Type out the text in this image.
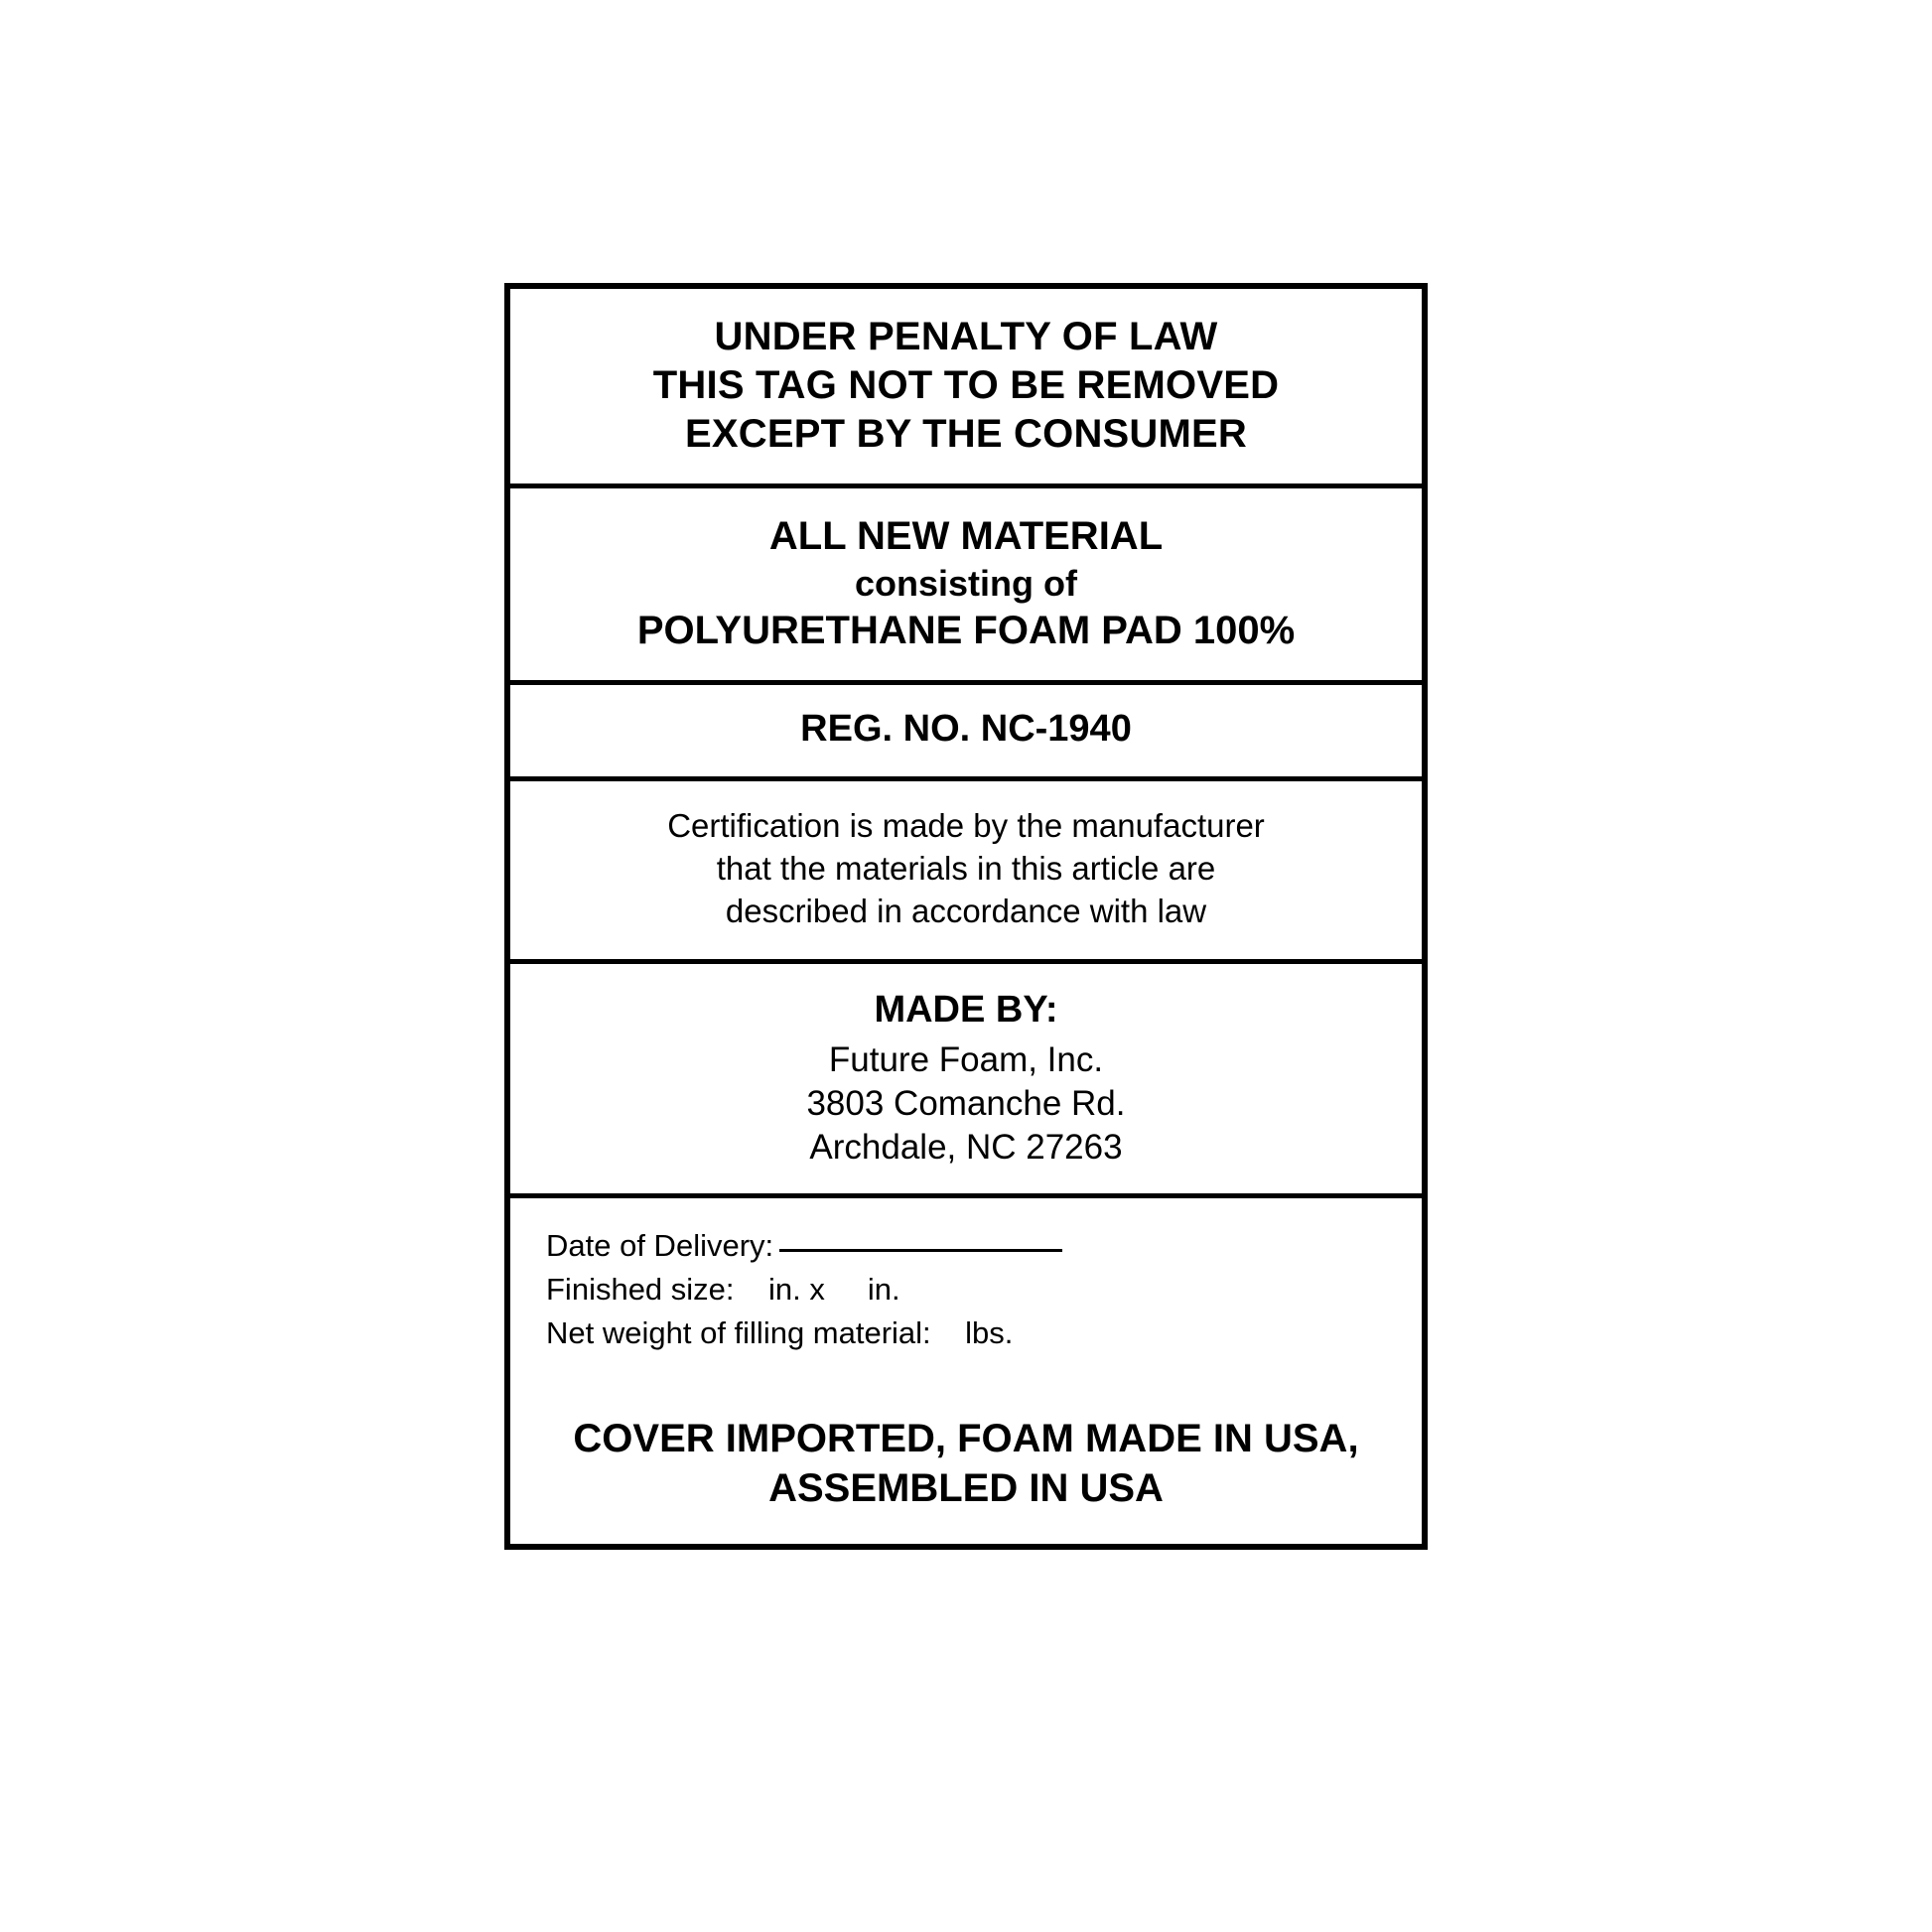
UNDER PENALTY OF LAW
THIS TAG NOT TO BE REMOVED
EXCEPT BY THE CONSUMER
ALL NEW MATERIAL
consisting of
POLYURETHANE FOAM PAD 100%
REG. NO. NC-1940
Certification is made by the manufacturer
that the materials in this article are
described in accordance with law
MADE BY:
Future Foam, Inc.
3803 Comanche Rd.
Archdale, NC 27263
Date of Delivery:
Finished size:    in. x     in.
Net weight of filling material:    lbs.
COVER IMPORTED, FOAM MADE IN USA,
ASSEMBLED IN USA
